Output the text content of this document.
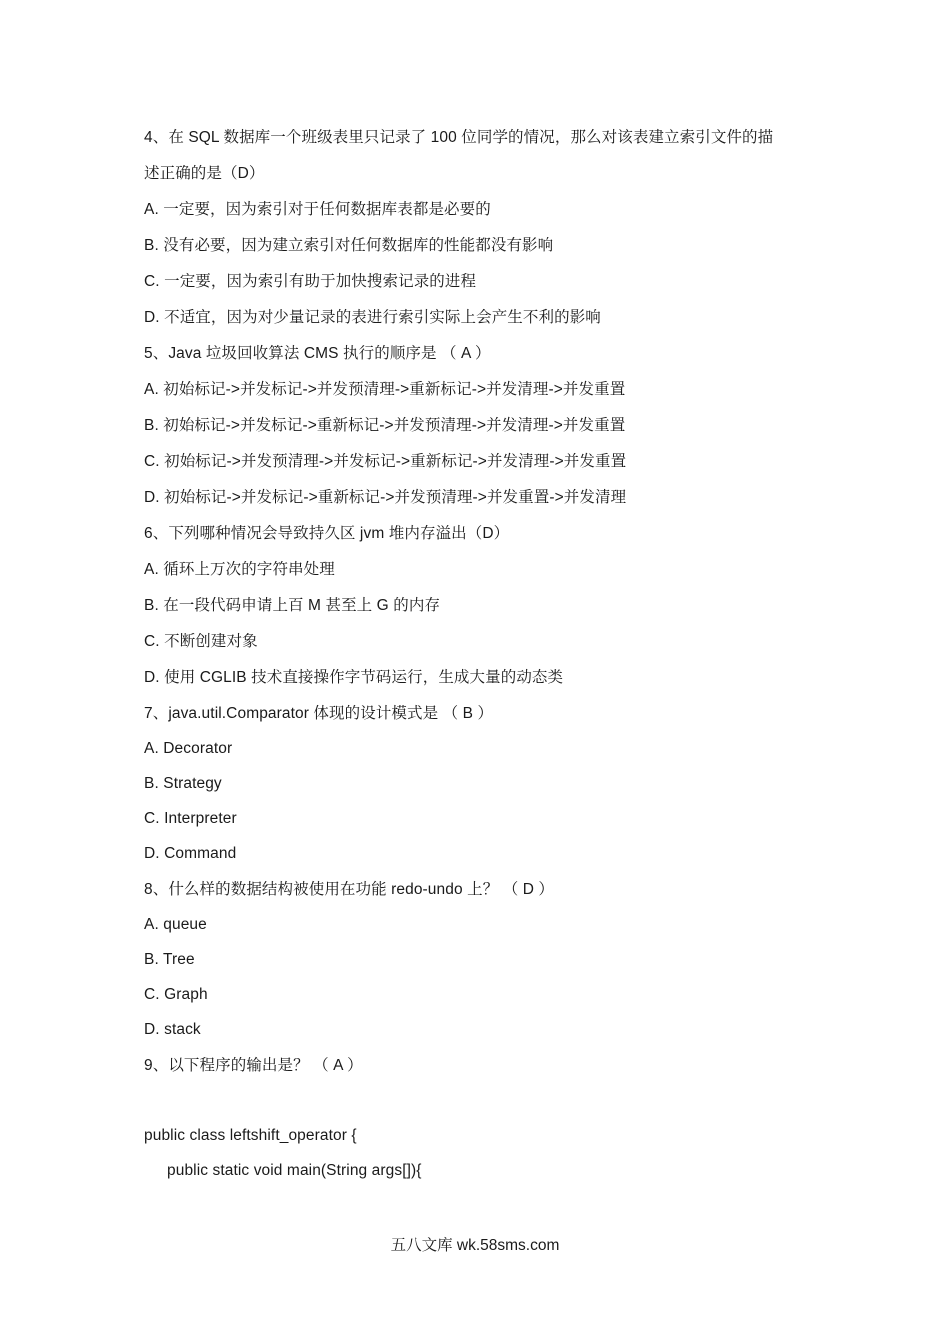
4、在 SQL 数据库一个班级表里只记录了 100 位同学的情况，那么对该表建立索引文件的描
述正确的是（D）
A. 一定要，因为索引对于任何数据库表都是必要的
B. 没有必要，因为建立索引对任何数据库的性能都没有影响
C. 一定要，因为索引有助于加快搜索记录的进程
D. 不适宜，因为对少量记录的表进行索引实际上会产生不利的影响
5、Java 垃圾回收算法 CMS 执行的顺序是 （ A ）
A. 初始标记->并发标记->并发预清理->重新标记->并发清理->并发重置
B. 初始标记->并发标记->重新标记->并发预清理->并发清理->并发重置
C. 初始标记->并发预清理->并发标记->重新标记->并发清理->并发重置
D. 初始标记->并发标记->重新标记->并发预清理->并发重置->并发清理
6、下列哪种情况会导致持久区 jvm 堆内存溢出（D）
A. 循环上万次的字符串处理
B. 在一段代码申请上百 M 甚至上 G 的内存
C. 不断创建对象
D. 使用 CGLIB 技术直接操作字节码运行，生成大量的动态类
7、java.util.Comparator 体现的设计模式是 （ B ）
A. Decorator
B. Strategy
C. Interpreter
D. Command
8、什么样的数据结构被使用在功能 redo-undo 上？ （ D ）
A. queue
B. Tree
C. Graph
D. stack
9、以下程序的输出是？ （ A ）
public class leftshift_operator {
public static void main(String args[]){
五八文库 wk.58sms.com
